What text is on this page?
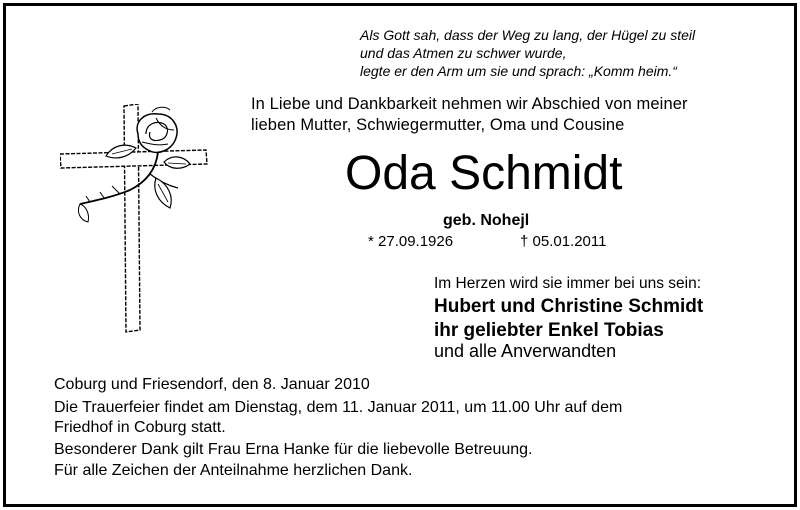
Als Gott sah, dass der Weg zu lang, der Hügel zu steil
und das Atmen zu schwer wurde,
legte er den Arm um sie und sprach: „Komm heim.“
In Liebe und Dankbarkeit nehmen wir Abschied von meiner
lieben Mutter, Schwiegermutter, Oma und Cousine
Oda Schmidt
geb. Nohejl
* 27.09.1926	† 05.01.2011
Im Herzen wird sie immer bei uns sein:
Hubert und Christine Schmidt
ihr geliebter Enkel Tobias
und alle Anverwandten
Coburg und Friesendorf, den 8. Januar 2010
Die Trauerfeier findet am Dienstag, dem 11. Januar 2011, um 11.00 Uhr auf dem
Friedhof in Coburg statt.
Besonderer Dank gilt Frau Erna Hanke für die liebevolle Betreuung.
Für alle Zeichen der Anteilnahme herzlichen Dank.
